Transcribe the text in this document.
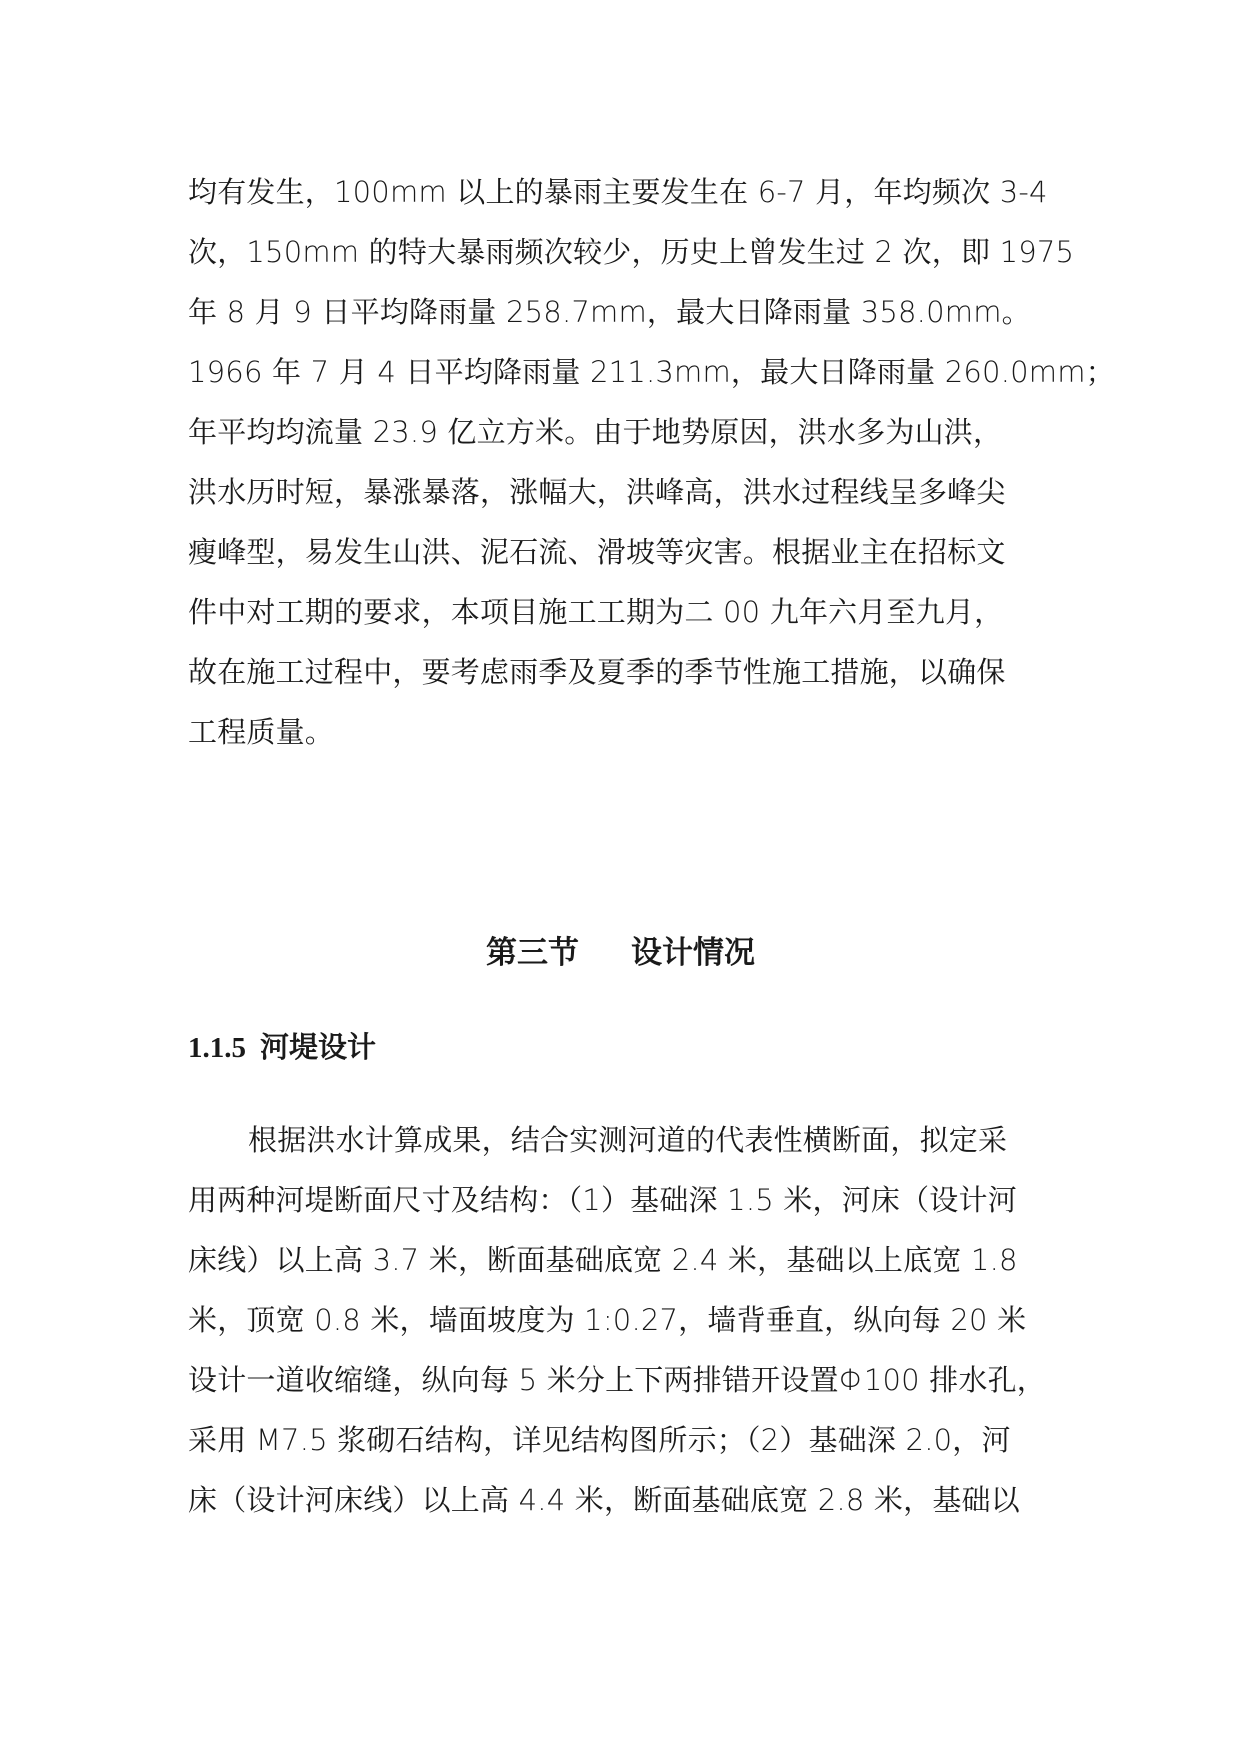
均有发生，100mm 以上的暴雨主要发生在 6-7 月，年均频次 3-4
次，150mm 的特大暴雨频次较少，历史上曾发生过 2 次，即 1975
年 8 月 9 日平均降雨量 258.7mm，最大日降雨量 358.0mm。
1966 年 7 月 4 日平均降雨量 211.3mm，最大日降雨量 260.0mm；
年平均均流量 23.9 亿立方米。由于地势原因，洪水多为山洪，
洪水历时短，暴涨暴落，涨幅大，洪峰高，洪水过程线呈多峰尖
瘦峰型，易发生山洪、泥石流、滑坡等灾害。根据业主在招标文
件中对工期的要求，本项目施工工期为二 00 九年六月至九月，
故在施工过程中，要考虑雨季及夏季的季节性施工措施，以确保
工程质量。
第三节 设计情况
1.1.5 河堤设计
根据洪水计算成果，结合实测河道的代表性横断面，拟定采
用两种河堤断面尺寸及结构：（1）基础深 1.5 米，河床（设计河
床线）以上高 3.7 米，断面基础底宽 2.4 米，基础以上底宽 1.8
米，顶宽 0.8 米，墙面坡度为 1:0.27，墙背垂直，纵向每 20 米
设计一道收缩缝，纵向每 5 米分上下两排错开设置Φ100 排水孔，
采用 M7.5 浆砌石结构，详见结构图所示；（2）基础深 2.0，河
床（设计河床线）以上高 4.4 米，断面基础底宽 2.8 米，基础以
